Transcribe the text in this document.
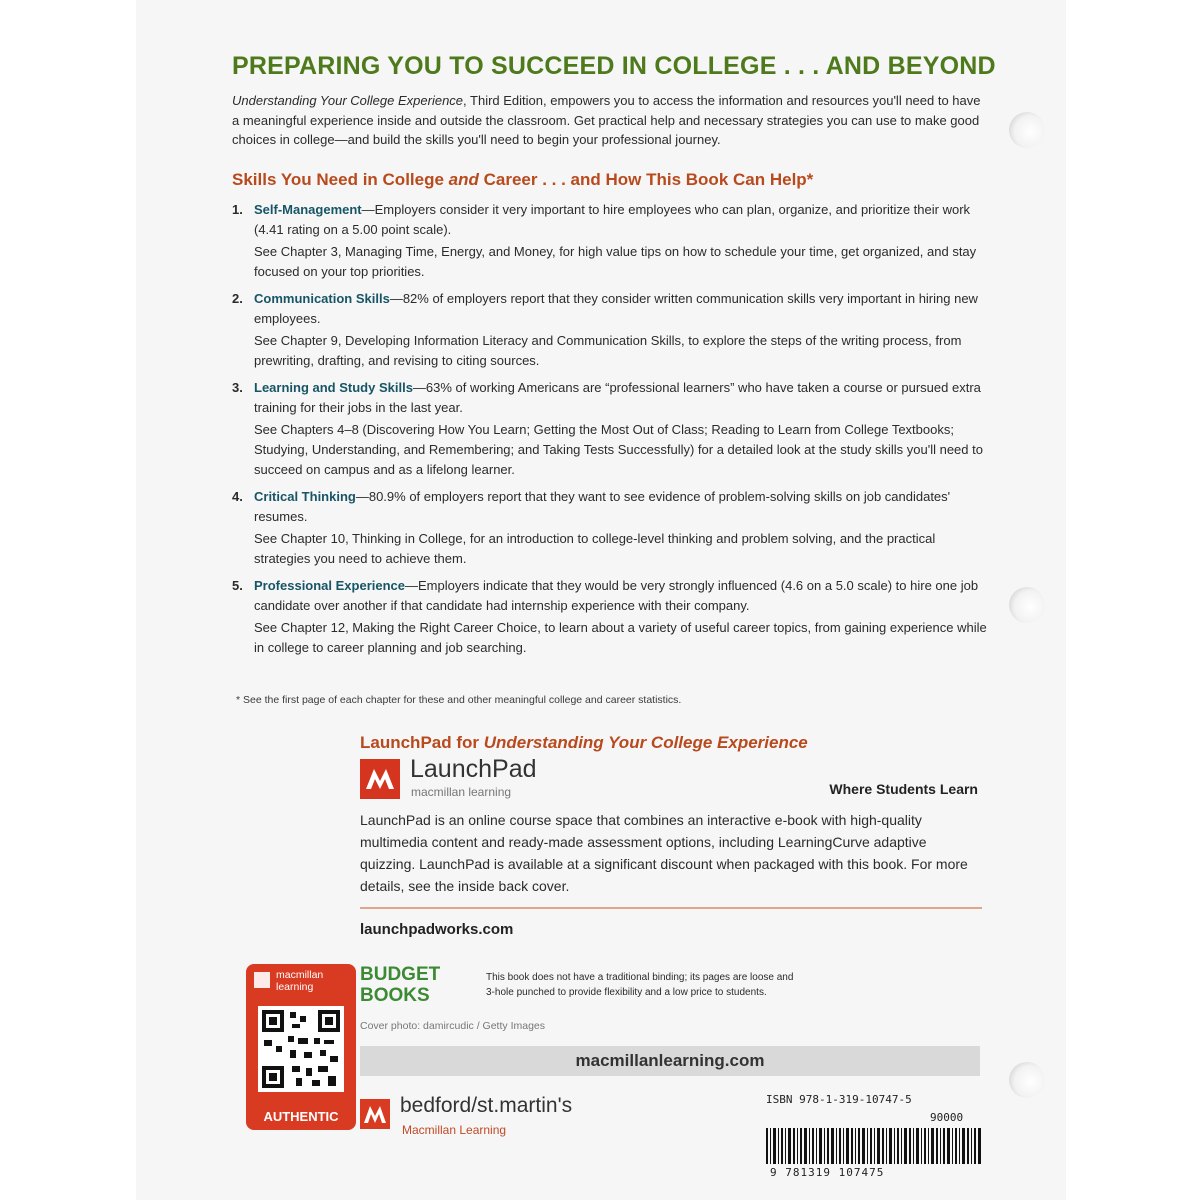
PREPARING YOU TO SUCCEED IN COLLEGE . . . AND BEYOND

Understanding Your College Experience, Third Edition, empowers you to access the information and resources you'll need to have a meaningful experience inside and outside the classroom. Get practical help and necessary strategies you can use to make good choices in college—and build the skills you'll need to begin your professional journey.

Skills You Need in College and Career . . . and How This Book Can Help*
1. Self-Management—Employers consider it very important to hire employees who can plan, organize, and prioritize their work (4.41 rating on a 5.00 point scale).
See Chapter 3, Managing Time, Energy, and Money, for high value tips on how to schedule your time, get organized, and stay focused on your top priorities.
2. Communication Skills—82% of employers report that they consider written communication skills very important in hiring new employees.
See Chapter 9, Developing Information Literacy and Communication Skills, to explore the steps of the writing process, from prewriting, drafting, and revising to citing sources.
3. Learning and Study Skills—63% of working Americans are “professional learners” who have taken a course or pursued extra training for their jobs in the last year.
See Chapters 4–8 (Discovering How You Learn; Getting the Most Out of Class; Reading to Learn from College Textbooks; Studying, Understanding, and Remembering; and Taking Tests Successfully) for a detailed look at the study skills you'll need to succeed on campus and as a lifelong learner.
4. Critical Thinking—80.9% of employers report that they want to see evidence of problem-solving skills on job candidates' resumes.
See Chapter 10, Thinking in College, for an introduction to college-level thinking and problem solving, and the practical strategies you need to achieve them.
5. Professional Experience—Employers indicate that they would be very strongly influenced (4.6 on a 5.0 scale) to hire one job candidate over another if that candidate had internship experience with their company.
See Chapter 12, Making the Right Career Choice, to learn about a variety of useful career topics, from gaining experience while in college to career planning and job searching.
* See the first page of each chapter for these and other meaningful college and career statistics.
LaunchPad for Understanding Your College Experience
LaunchPad
macmillan learning	Where Students Learn

LaunchPad is an online course space that combines an interactive e-book with high-quality multimedia content and ready-made assessment options, including LearningCurve adaptive quizzing. LaunchPad is available at a significant discount when packaged with this book. For more details, see the inside back cover.

launchpadworks.com
macmillan
learning
AUTHENTIC
BUDGET
BOOKS
This book does not have a traditional binding; its pages are loose and
3-hole punched to provide flexibility and a low price to students.
Cover photo: damircudic / Getty Images
macmillanlearning.com
bedford/st.martin's
Macmillan Learning
ISBN 978-1-319-10747-5
90000
9 781319 107475
